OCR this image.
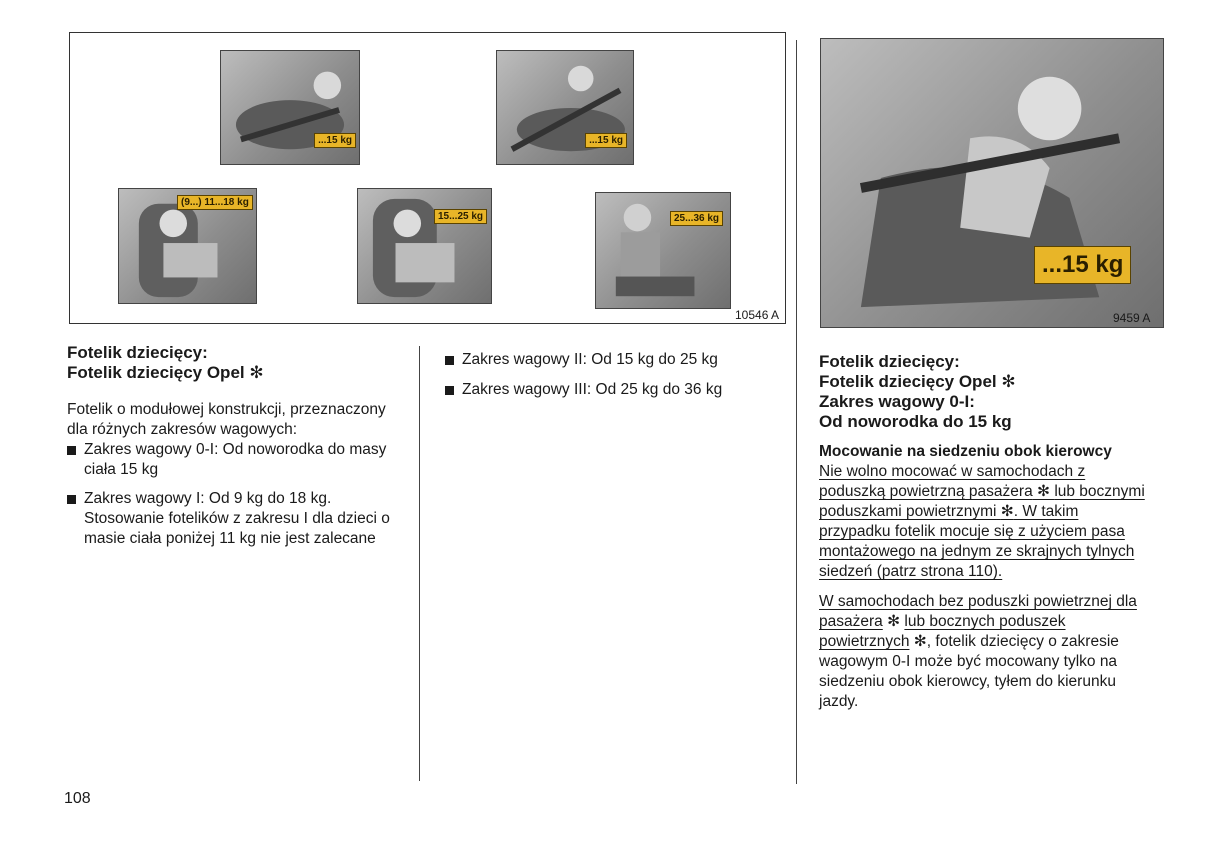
...15 kg	...15 kg
(9...) 11...18 kg
15...25 kg	25...36 kg
10546 A
...15 kg
9459 A
Fotelik dziecięcy:
Fotelik dziecięcy Opel ✻

Fotelik o modułowej konstrukcji, przeznaczony dla różnych zakresów wagowych:

Zakres wagowy 0-I: Od noworodka do masy ciała 15 kg
Zakres wagowy I: Od 9 kg do 18 kg. Stosowanie fotelików z zakresu I dla dzieci o masie ciała poniżej 11 kg nie jest zalecane
Zakres wagowy II: Od 15 kg do 25 kg
Zakres wagowy III: Od 25 kg do 36 kg
Fotelik dziecięcy:
Fotelik dziecięcy Opel ✻
Zakres wagowy 0-I:
Od noworodka do 15 kg

Mocowanie na siedzeniu obok kierowcy

Nie wolno mocować w samochodach z poduszką powietrzną pasażera ✻ lub bocznymi poduszkami powietrznymi ✻. W takim przypadku fotelik mocuje się z użyciem pasa montażowego na jednym ze skrajnych tylnych siedzeń (patrz strona 110).

W samochodach bez poduszki powietrznej dla pasażera ✻ lub bocznych poduszek powietrznych ✻, fotelik dziecięcy o zakresie wagowym 0-I może być mocowany tylko na siedzeniu obok kierowcy, tyłem do kierunku jazdy.

108
